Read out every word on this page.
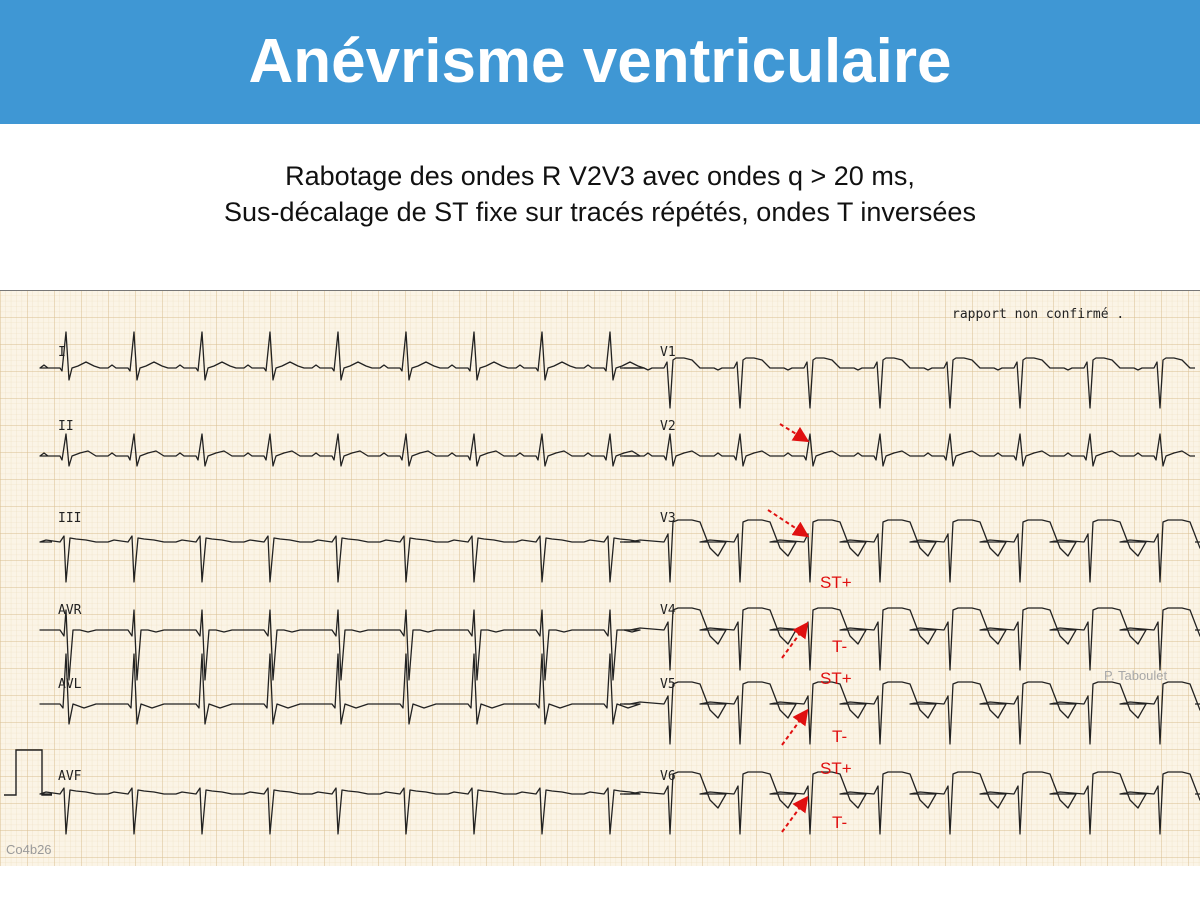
Anévrisme ventriculaire
Rabotage des ondes R V2V3 avec ondes q > 20 ms,
Sus-décalage de ST fixe sur tracés répétés, ondes T inversées
I
II
III
AVR
AVL
AVF
V1
V2
V3
V4
V5
V6
rapport non confirmé .
ST+
T-
ST+
T-
ST+
T-
P. Taboulet
Co4b26
